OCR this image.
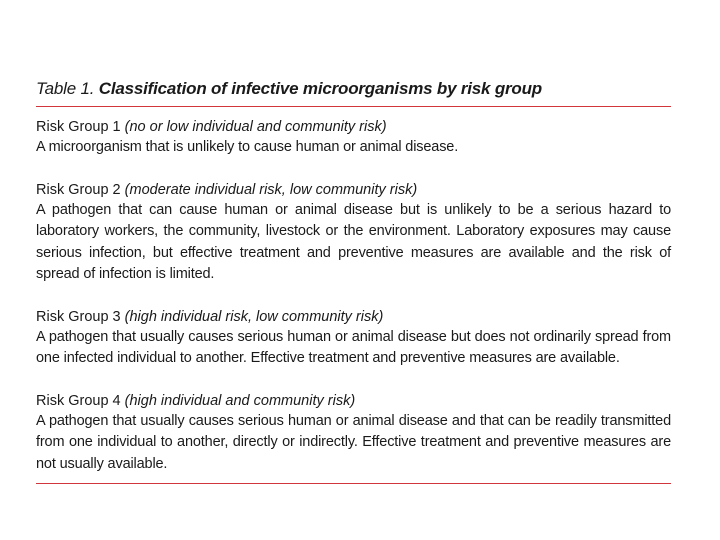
Table 1. Classification of infective microorganisms by risk group
Risk Group 1 (no or low individual and community risk)
A microorganism that is unlikely to cause human or animal disease.
Risk Group 2 (moderate individual risk, low community risk)
A pathogen that can cause human or animal disease but is unlikely to be a serious hazard to laboratory workers, the community, livestock or the environment. Laboratory exposures may cause serious infection, but effective treatment and preventive measures are available and the risk of spread of infection is limited.
Risk Group 3 (high individual risk, low community risk)
A pathogen that usually causes serious human or animal disease but does not ordinarily spread from one infected individual to another. Effective treatment and preventive measures are available.
Risk Group 4 (high individual and community risk)
A pathogen that usually causes serious human or animal disease and that can be readily transmitted from one individual to another, directly or indirectly. Effective treatment and preventive measures are not usually available.
